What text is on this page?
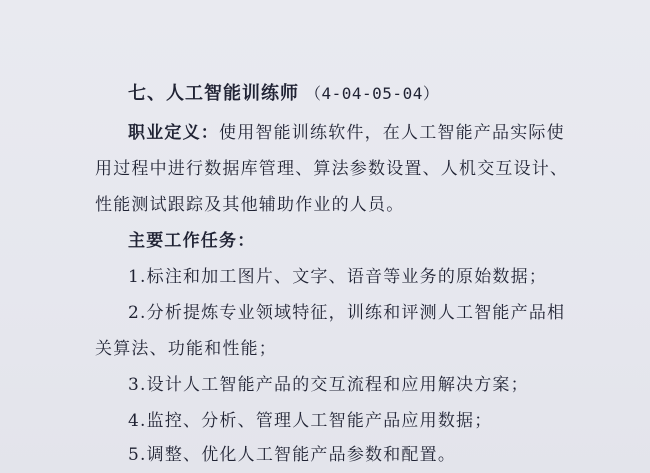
七、人工智能训练师 （4-04-05-04）
职业定义：使用智能训练软件，在人工智能产品实际使
用过程中进行数据库管理、算法参数设置、人机交互设计、
性能测试跟踪及其他辅助作业的人员。
主要工作任务：
1.标注和加工图片、文字、语音等业务的原始数据；
2.分析提炼专业领域特征，训练和评测人工智能产品相
关算法、功能和性能；
3.设计人工智能产品的交互流程和应用解决方案；
4.监控、分析、管理人工智能产品应用数据；
5.调整、优化人工智能产品参数和配置。
